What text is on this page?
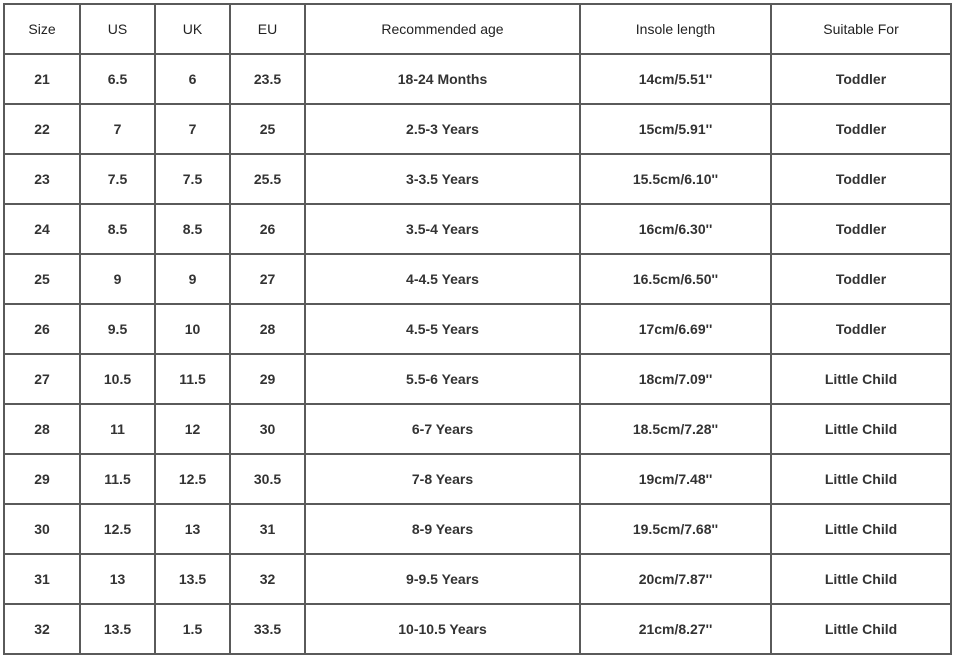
Size	US	UK	EU	Recommended age	Insole length	Suitable For
21	6.5	6	23.5	18-24 Months	14cm/5.51''	Toddler
22	7	7	25	2.5-3 Years	15cm/5.91''	Toddler
23	7.5	7.5	25.5	3-3.5 Years	15.5cm/6.10''	Toddler
24	8.5	8.5	26	3.5-4 Years	16cm/6.30''	Toddler
25	9	9	27	4-4.5 Years	16.5cm/6.50''	Toddler
26	9.5	10	28	4.5-5 Years	17cm/6.69''	Toddler
27	10.5	11.5	29	5.5-6 Years	18cm/7.09''	Little Child
28	11	12	30	6-7 Years	18.5cm/7.28''	Little Child
29	11.5	12.5	30.5	7-8 Years	19cm/7.48''	Little Child
30	12.5	13	31	8-9 Years	19.5cm/7.68''	Little Child
31	13	13.5	32	9-9.5 Years	20cm/7.87''	Little Child
32	13.5	1.5	33.5	10-10.5 Years	21cm/8.27''	Little Child
